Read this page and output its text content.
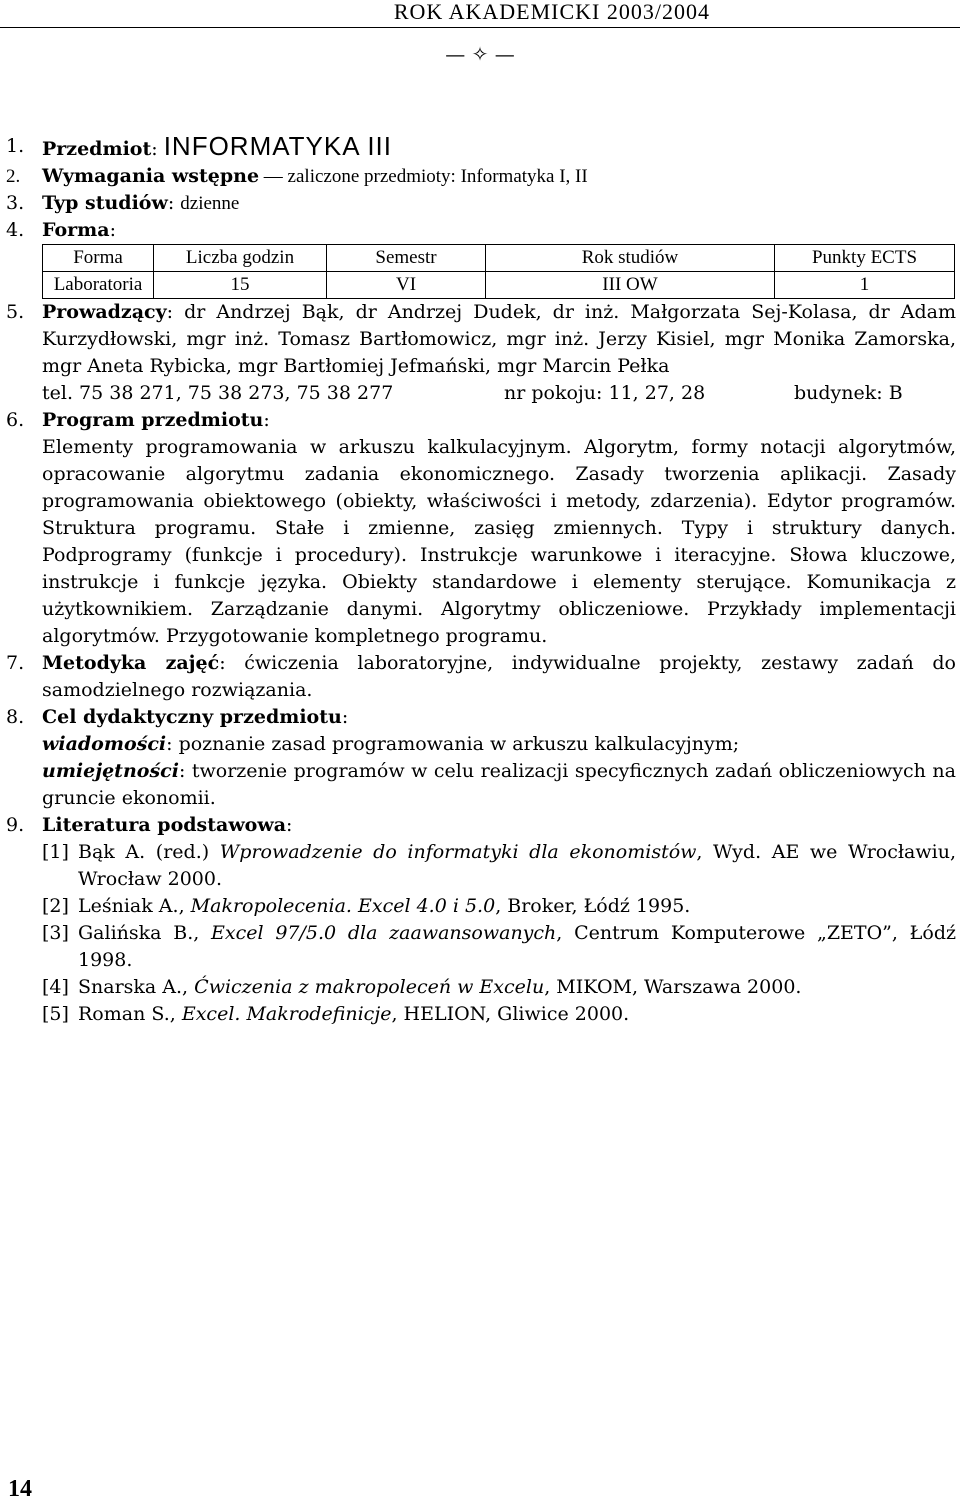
ROK AKADEMICKI 2003/2004
— ✧ —
1. Przedmiot: INFORMATYKA III
2.	Wymagania wstępne — zaliczone przedmioty: Informatyka I, II
3. Typ studiów: dzienne
4. Forma:
Forma	Liczba godzin	Semestr	Rok studiów	Punkty ECTS
Laboratoria	15	VI	III OW	1
5. Prowadzący: dr Andrzej Bąk, dr Andrzej Dudek, dr inż. Małgorzata Sej-Kolasa, dr Adam Kurzydłowski, mgr inż. Tomasz Bartłomowicz, mgr inż. Jerzy Kisiel, mgr Monika Zamorska, mgr Aneta Rybicka, mgr Bartłomiej Jefmański, mgr Marcin Pełka
tel. 75 38 271, 75 38 273, 75 38 277	nr pokoju: 11, 27, 28	budynek: B
6. Program przedmiotu:
Elementy programowania w arkuszu kalkulacyjnym. Algorytm, formy notacji algorytmów, opracowanie algorytmu zadania ekonomicznego. Zasady tworzenia aplikacji. Zasady programowania obiektowego (obiekty, właściwości i metody, zdarzenia). Edytor programów. Struktura programu. Stałe i zmienne, zasięg zmiennych. Typy i struktury danych. Podprogramy (funkcje i procedury). Instrukcje warunkowe i iteracyjne. Słowa kluczowe, instrukcje i funkcje języka. Obiekty standardowe i elementy sterujące. Komunikacja z użytkownikiem. Zarządzanie danymi. Algorytmy obliczeniowe. Przykłady implementacji algorytmów. Przygotowanie kompletnego programu.
7. Metodyka zajęć: ćwiczenia laboratoryjne, indywidualne projekty, zestawy zadań do samodzielnego rozwiązania.
8. Cel dydaktyczny przedmiotu:
wiadomości: poznanie zasad programowania w arkuszu kalkulacyjnym;
umiejętności: tworzenie programów w celu realizacji specyficznych zadań obliczeniowych na gruncie ekonomii.
9. Literatura podstawowa:
[1] Bąk A. (red.) Wprowadzenie do informatyki dla ekonomistów, Wyd. AE we Wrocławiu, Wrocław 2000.
[2] Leśniak A., Makropolecenia. Excel 4.0 i 5.0, Broker, Łódź 1995.
[3] Galińska B., Excel 97/5.0 dla zaawansowanych, Centrum Komputerowe „ZETO”, Łódź 1998.
[4] Snarska A., Ćwiczenia z makropoleceń w Excelu, MIKOM, Warszawa 2000.
[5] Roman S., Excel. Makrodefinicje, HELION, Gliwice 2000.
14
